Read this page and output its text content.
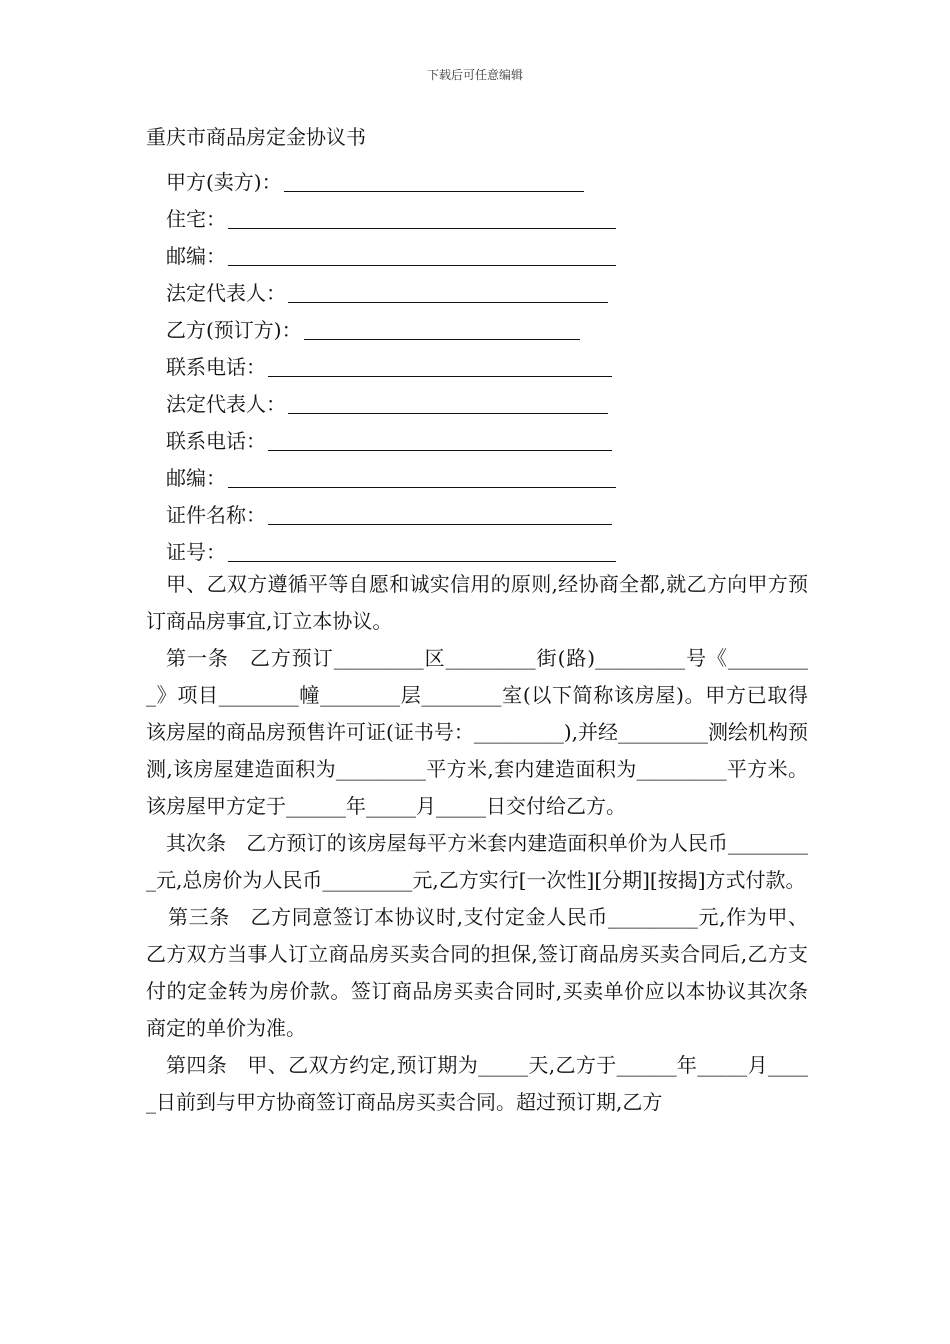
下载后可任意编辑
重庆市商品房定金协议书
甲方(卖方)：
住宅：
邮编：
法定代表人：
乙方(预订方)：
联系电话：
法定代表人：
联系电话：
邮编：
证件名称：
证号：

甲、乙双方遵循平等自愿和诚实信用的原则,经协商全都,就乙方向甲方预订商品房事宜,订立本协议。

第一条　乙方预订_________区_________街(路)_________号《_________》项目________幢________层________室(以下简称该房屋)。甲方已取得该房屋的商品房预售许可证(证书号：_________),并经_________测绘机构预测,该房屋建造面积为_________平方米,套内建造面积为_________平方米。该房屋甲方定于______年_____月_____日交付给乙方。

其次条　乙方预订的该房屋每平方米套内建造面积单价为人民币_________元,总房价为人民币_________元,乙方实行[一次性][分期][按揭]方式付款。

第三条　乙方同意签订本协议时,支付定金人民币_________元,作为甲、乙方双方当事人订立商品房买卖合同的担保,签订商品房买卖合同后,乙方支付的定金转为房价款。签订商品房买卖合同时,买卖单价应以本协议其次条商定的单价为准。

第四条　甲、乙双方约定,预订期为_____天,乙方于______年_____月_____日前到与甲方协商签订商品房买卖合同。超过预订期,乙方
